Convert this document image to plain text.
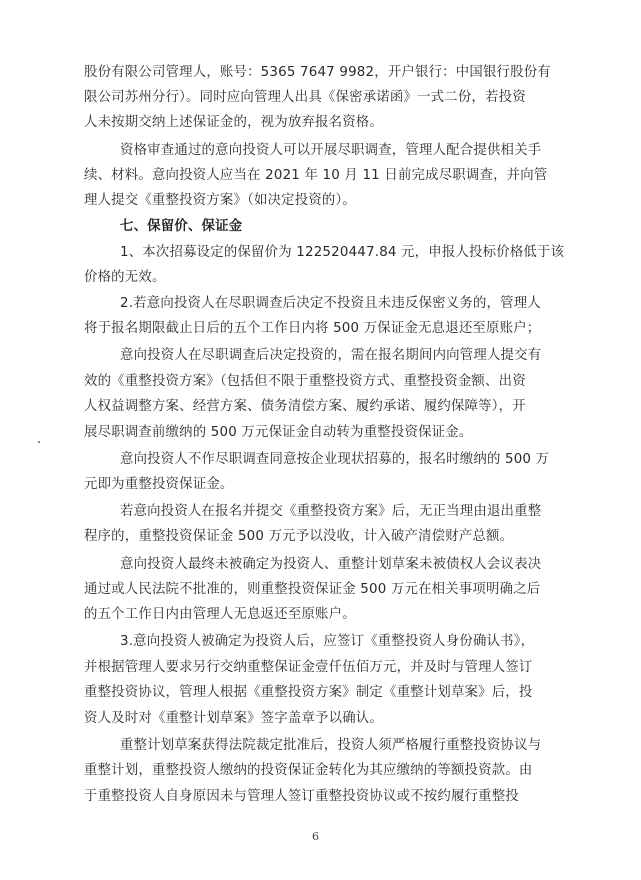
股份有限公司管理人，账号：5365 7647 9982，开户银行：中国银行股份有
限公司苏州分行）。同时应向管理人出具《保密承诺函》一式二份，若投资
人未按期交纳上述保证金的，视为放弃报名资格。
资格审查通过的意向投资人可以开展尽职调查，管理人配合提供相关手
续、材料。意向投资人应当在 2021 年 10 月 11 日前完成尽职调查，并向管
理人提交《重整投资方案》（如决定投资的）。
七、保留价、保证金
1、本次招募设定的保留价为 122520447.84 元，申报人投标价格低于该
价格的无效。
2.若意向投资人在尽职调查后决定不投资且未违反保密义务的，管理人
将于报名期限截止日后的五个工作日内将 500 万保证金无息退还至原账户；
意向投资人在尽职调查后决定投资的，需在报名期间内向管理人提交有
效的《重整投资方案》（包括但不限于重整投资方式、重整投资金额、出资
人权益调整方案、经营方案、债务清偿方案、履约承诺、履约保障等），开
展尽职调查前缴纳的 500 万元保证金自动转为重整投资保证金。
意向投资人不作尽职调查同意按企业现状招募的，报名时缴纳的 500 万
元即为重整投资保证金。
若意向投资人在报名并提交《重整投资方案》后，无正当理由退出重整
程序的，重整投资保证金 500 万元予以没收，计入破产清偿财产总额。
意向投资人最终未被确定为投资人、重整计划草案未被债权人会议表决
通过或人民法院不批准的，则重整投资保证金 500 万元在相关事项明确之后
的五个工作日内由管理人无息返还至原账户。
3.意向投资人被确定为投资人后，应签订《重整投资人身份确认书》，
并根据管理人要求另行交纳重整保证金壹仟伍佰万元，并及时与管理人签订
重整投资协议，管理人根据《重整投资方案》制定《重整计划草案》后，投
资人及时对《重整计划草案》签字盖章予以确认。
重整计划草案获得法院裁定批准后，投资人须严格履行重整投资协议与
重整计划，重整投资人缴纳的投资保证金转化为其应缴纳的等额投资款。由
于重整投资人自身原因未与管理人签订重整投资协议或不按约履行重整投
6
